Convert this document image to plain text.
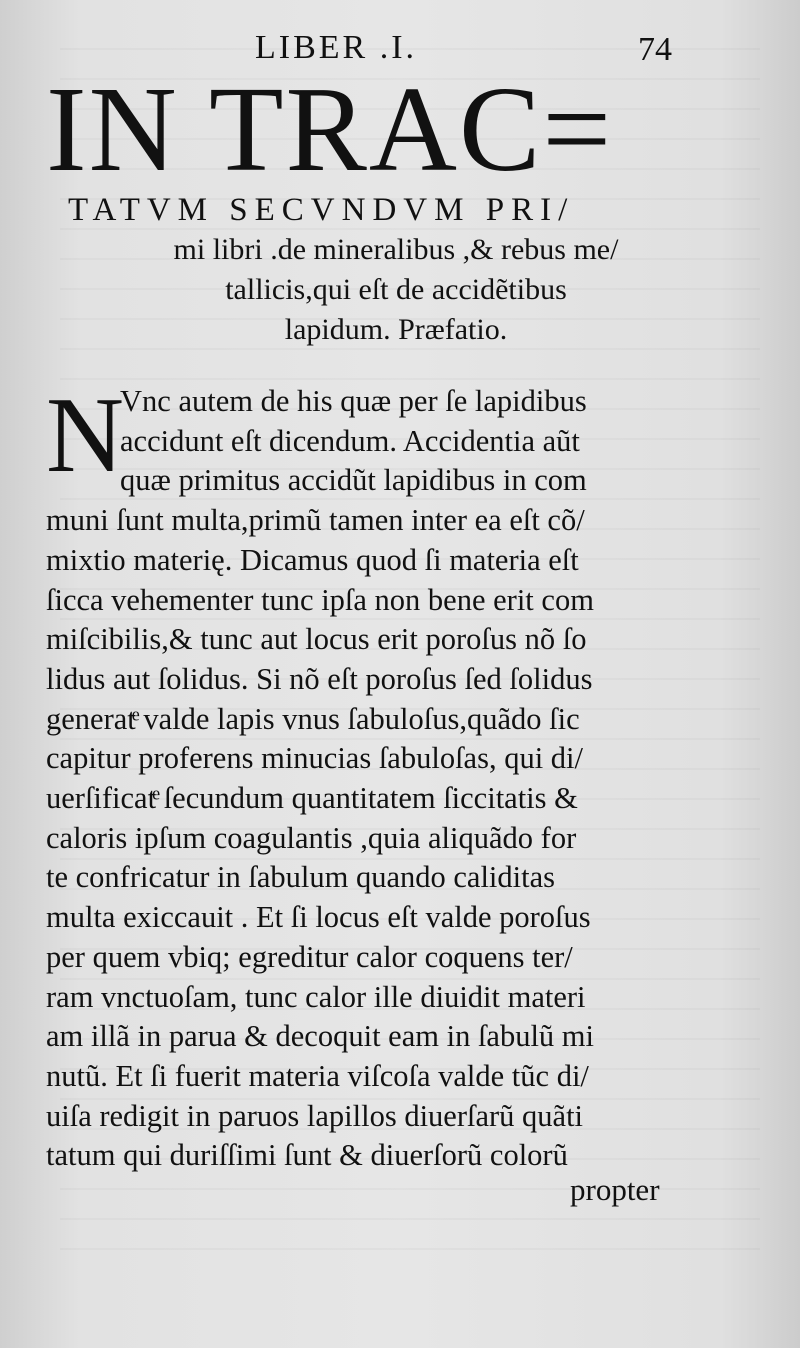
LIBER .I.	74
IN TRAC=
TATVM SECVNDVM PRI/
mi libri .de mineralibus ,& rebus me/
tallicis,qui eſt de accidẽtibus
lapidum. Præfatio.
N
Vnc autem de his quæ per ſe lapidibus
accidunt eſt dicendum. Accidentia aũt
quæ primitus accidũt lapidibus in com
muni ſunt multa,primũ tamen inter ea eſt cõ/
mixtio materię. Dicamus quod ſi materia eſt
ſicca vehementer tunc ipſa non bene erit com
miſcibilis,& tunc aut locus erit poroſus nõ ſo
lidus aut ſolidus. Si nõ eſt poroſus ſed ſolidus
generatͤ valde lapis vnus ſabuloſus,quãdo ſic
capitur proferens minucias ſabuloſas, qui di/
uerſificatͤ ſecundum quantitatem ſiccitatis &
caloris ipſum coagulantis ,quia aliquãdo for
te confricatur in ſabulum quando caliditas
multa exiccauit . Et ſi locus eſt valde poroſus
per quem vbiq; egreditur calor coquens ter/
ram vnctuoſam, tunc calor ille diuidit materi
am illã in parua & decoquit eam in ſabulũ mi
nutũ. Et ſi fuerit materia viſcoſa valde tũc di/
uiſa redigit in paruos lapillos diuerſarũ quãti
tatum qui duriſſimi ſunt & diuerſorũ colorũ
propter
